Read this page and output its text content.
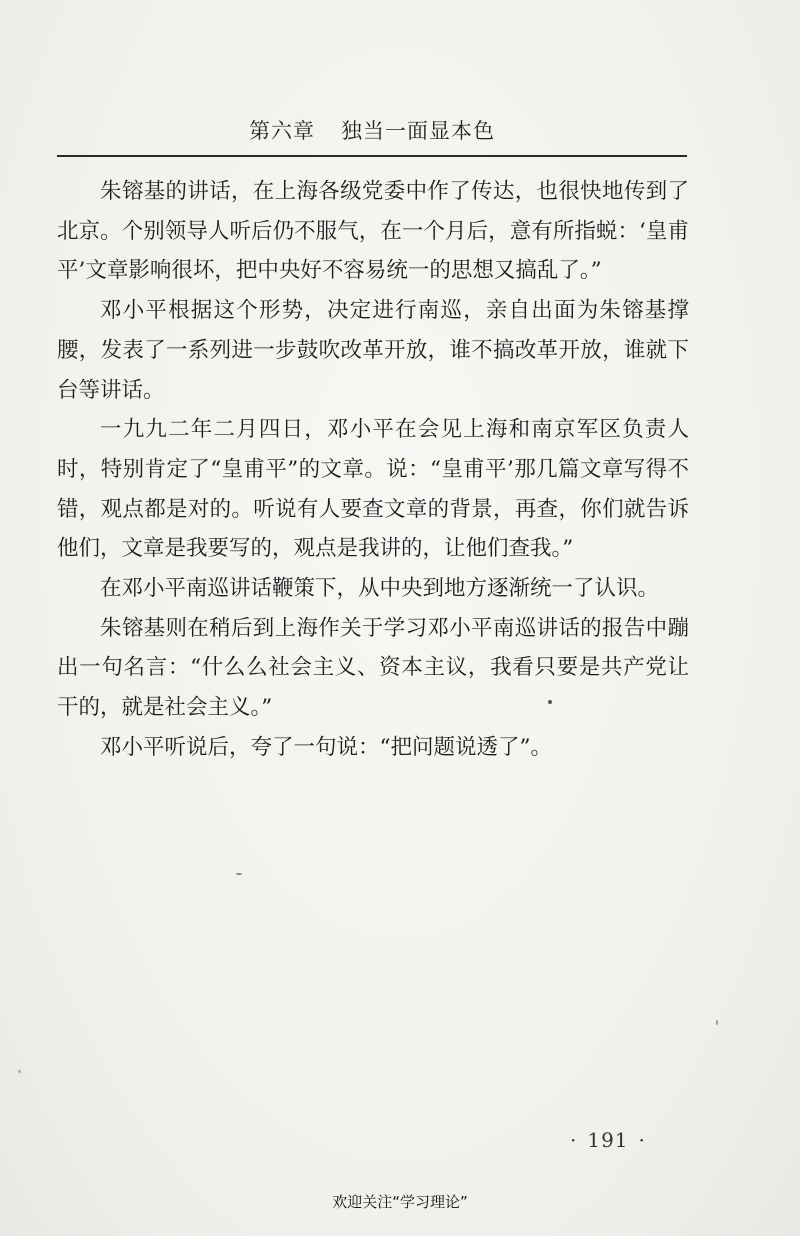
第六章 独当一面显本色

朱镕基的讲话，在上海各级党委中作了传达，也很快地传到了北京。个别领导人听后仍不服气，在一个月后，意有所指蜕：‘皇甫平’文章影响很坏，把中央好不容易统一的思想又搞乱了。”

邓小平根据这个形势，决定进行南巡，亲自出面为朱镕基撑腰，发表了一系列进一步鼓吹改革开放，谁不搞改革开放，谁就下台等讲话。

一九九二年二月四日，邓小平在会见上海和南京军区负责人时，特别肯定了“皇甫平”的文章。说：“皇甫平’那几篇文章写得不错，观点都是对的。听说有人要查文章的背景，再查，你们就告诉他们，文章是我要写的，观点是我讲的，让他们查我。”

在邓小平南巡讲话鞭策下，从中央到地方逐渐统一了认识。

朱镕基则在稍后到上海作关于学习邓小平南巡讲话的报告中蹦出一句名言：“什么么社会主义、资本主议，我看只要是共产党让干的，就是社会主义。”

邓小平听说后，夸了一句说：“把问题说透了”。

· 191 ·
欢迎关注“学习理论”
